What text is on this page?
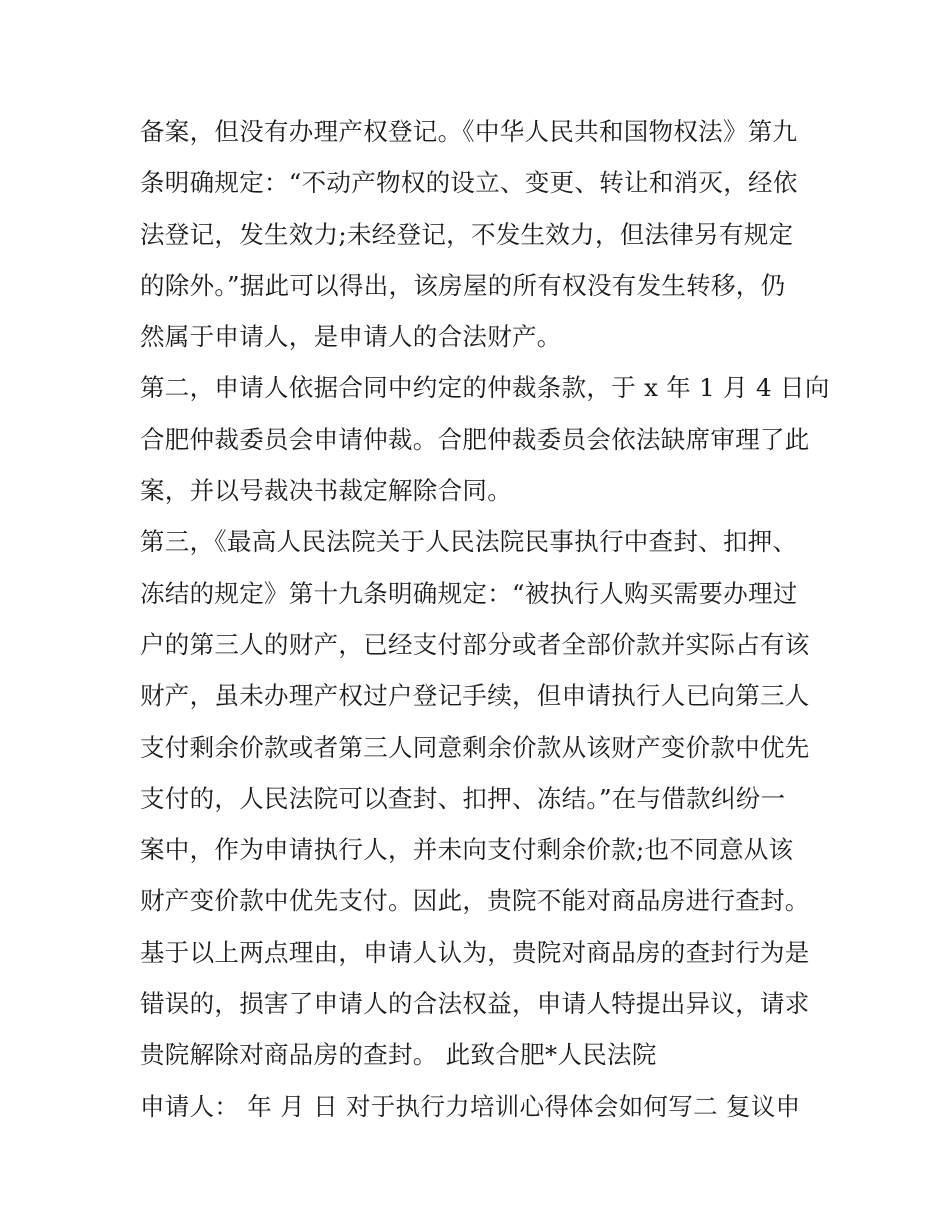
备案，但没有办理产权登记。《中华人民共和国物权法》第九
条明确规定：“不动产物权的设立、变更、转让和消灭，经依
法登记，发生效力;未经登记，不发生效力，但法律另有规定
的除外。”据此可以得出，该房屋的所有权没有发生转移，仍
然属于申请人，是申请人的合法财产。
第二，申请人依据合同中约定的仲裁条款，于 x 年 1 月 4 日向
合肥仲裁委员会申请仲裁。合肥仲裁委员会依法缺席审理了此
案，并以号裁决书裁定解除合同。
第三，《最高人民法院关于人民法院民事执行中查封、扣押、
冻结的规定》第十九条明确规定：“被执行人购买需要办理过
户的第三人的财产，已经支付部分或者全部价款并实际占有该
财产，虽未办理产权过户登记手续，但申请执行人已向第三人
支付剩余价款或者第三人同意剩余价款从该财产变价款中优先
支付的，人民法院可以查封、扣押、冻结。”在与借款纠纷一
案中，作为申请执行人，并未向支付剩余价款;也不同意从该
财产变价款中优先支付。因此，贵院不能对商品房进行查封。
基于以上两点理由，申请人认为，贵院对商品房的查封行为是
错误的，损害了申请人的合法权益，申请人特提出异议，请求
贵院解除对商品房的查封。 此致合肥*人民法院
申请人： 年 月 日 对于执行力培训心得体会如何写二 复议申
